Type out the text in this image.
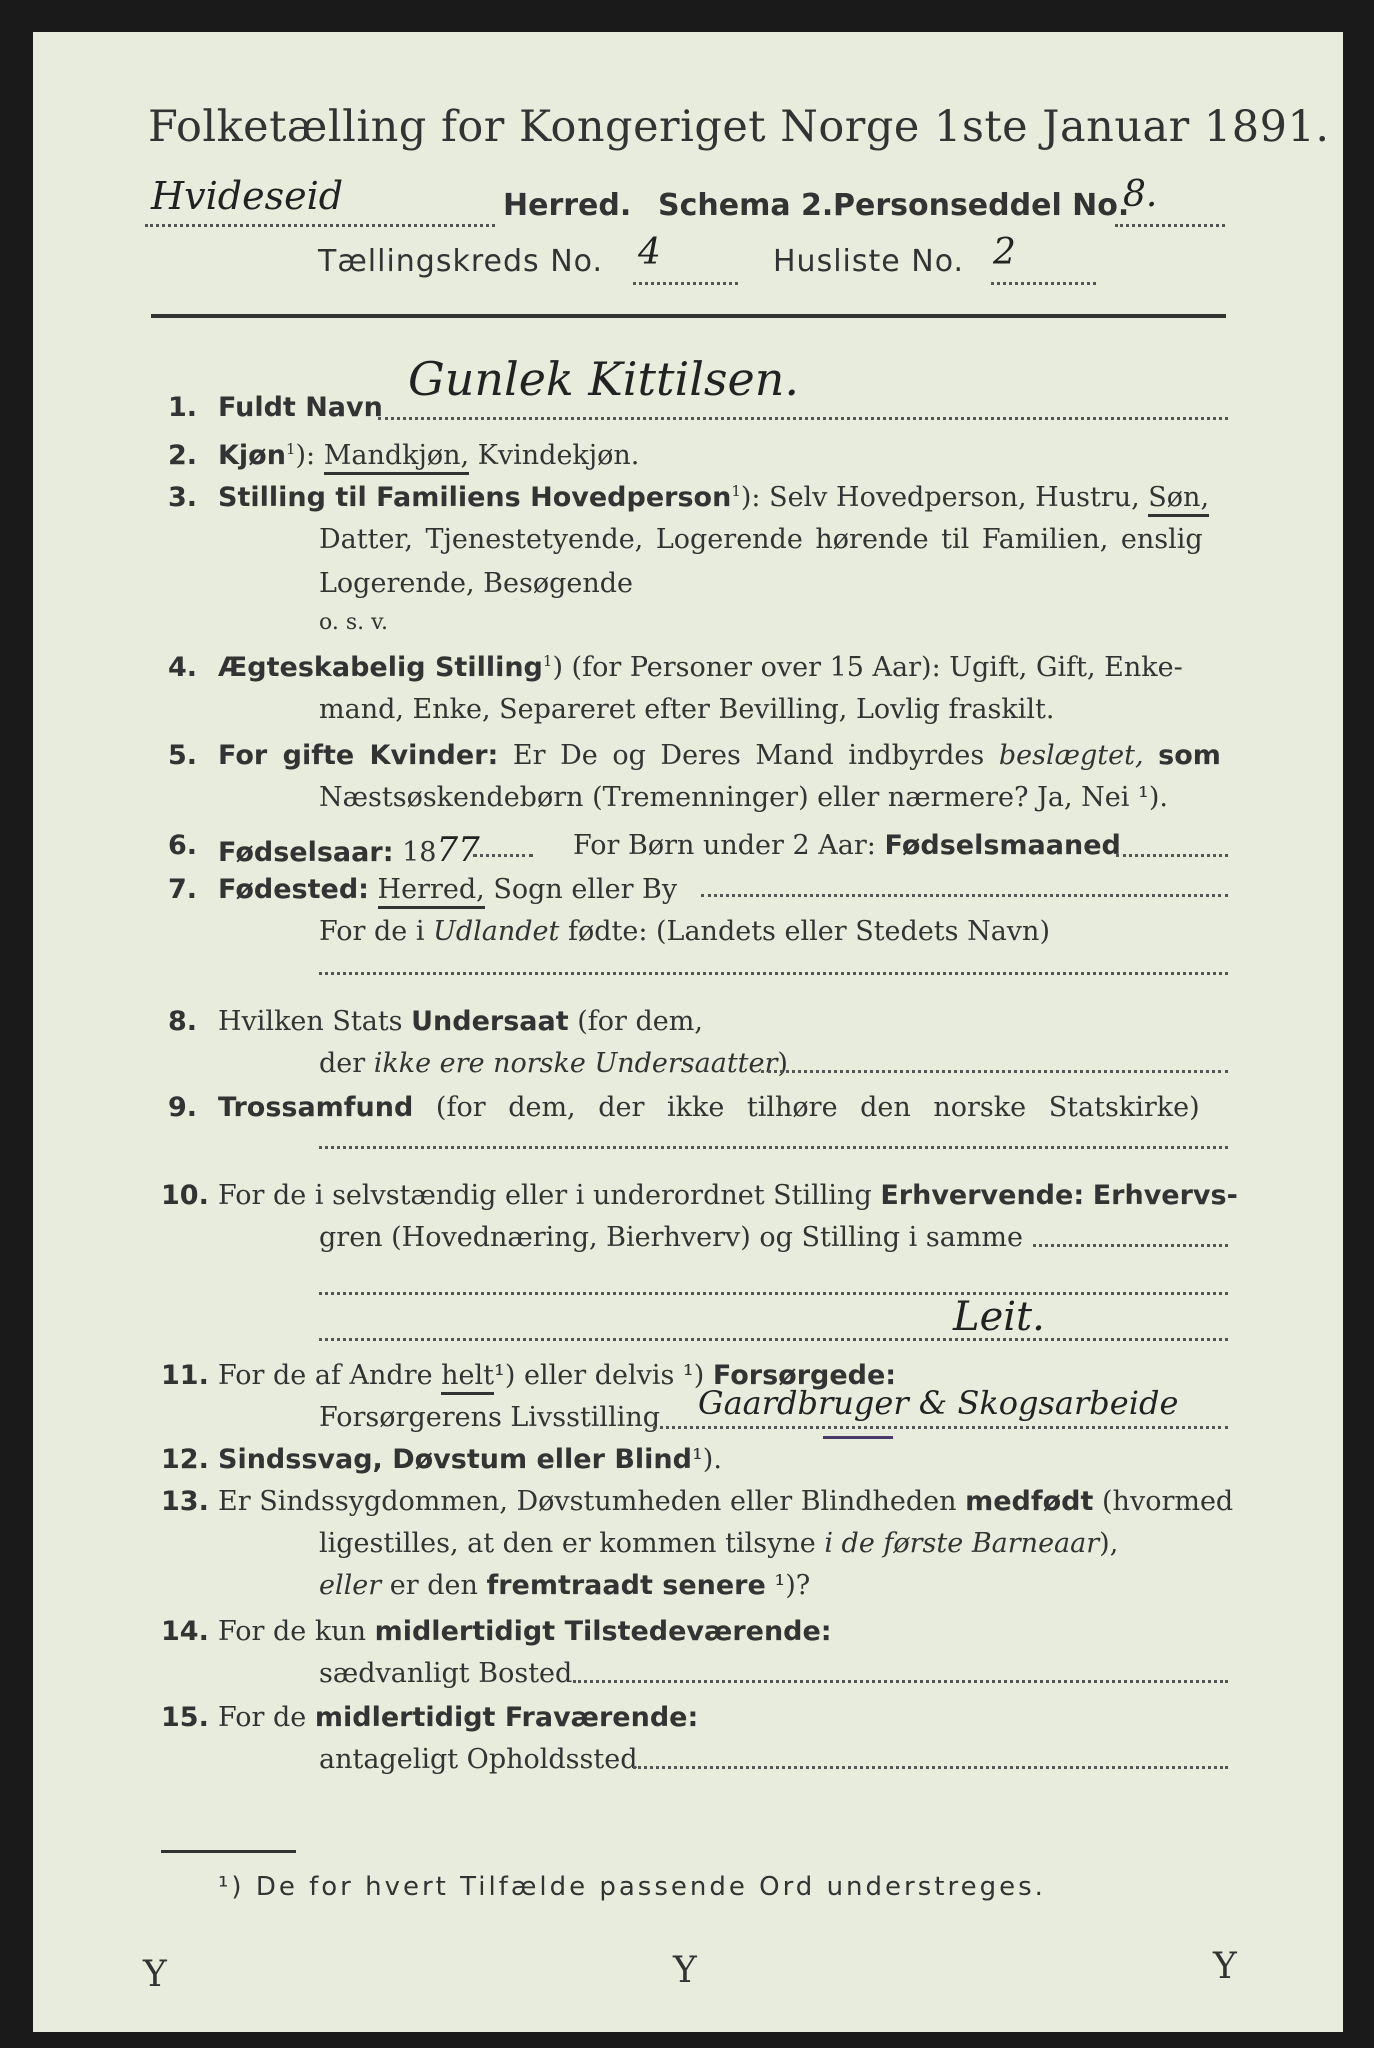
Folketælling for Kongeriget Norge 1ste Januar 1891.
Hvideseid	Herred. Schema 2. Personseddel No.
8.
Tællingskreds No. 4	Husliste No. 2
1. Fuldt Navn
Gunlek Kittilsen.
2. Kjøn$^1$): Mandkjøn, Kvindekjøn.
3. Stilling til Familiens Hovedperson$^1$): Selv Hovedperson, Hustru, Søn,
Datter, Tjenestetyende, Logerende hørende til Familien, enslig
Logerende, Besøgende
o. s. v.
4. Ægteskabelig Stilling$^1$) (for Personer over 15 Aar): Ugift, Gift, Enke-
mand, Enke, Separeret efter Bevilling, Lovlig fraskilt.
5. For gifte Kvinder: Er De og Deres Mand indbyrdes beslægtet, som
Næstsøskendebørn (Tremenninger) eller nærmere? Ja, Nei ¹).
6. Fødselsaar: 1877	For Børn under 2 Aar: Fødselsmaaned
7. Fødested: Herred, Sogn eller By
For de i Udlandet fødte: (Landets eller Stedets Navn)
8. Hvilken Stats Undersaat (for dem,
der ikke ere norske Undersaatter)
9. Trossamfund (for dem, der ikke tilhøre den norske Statskirke)
10. For de i selvstændig eller i underordnet Stilling Erhvervende: Erhvervs-
gren (Hovednæring, Bierhverv) og Stilling i samme
Leit.
11. For de af Andre helt¹) eller delvis ¹) Forsørgede:
Forsørgerens Livsstilling Gaardbruger & Skogsarbeide
12. Sindssvag, Døvstum eller Blind¹).
13. Er Sindssygdommen, Døvstumheden eller Blindheden medfødt (hvormed
ligestilles, at den er kommen tilsyne i de første Barneaar),
eller er den fremtraadt senere ¹)?
14. For de kun midlertidigt Tilstedeværende:
sædvanligt Bosted
15. For de midlertidigt Fraværende:
antageligt Opholdssted
¹) De for hvert Tilfælde passende Ord understreges.
Y	Y	Y
